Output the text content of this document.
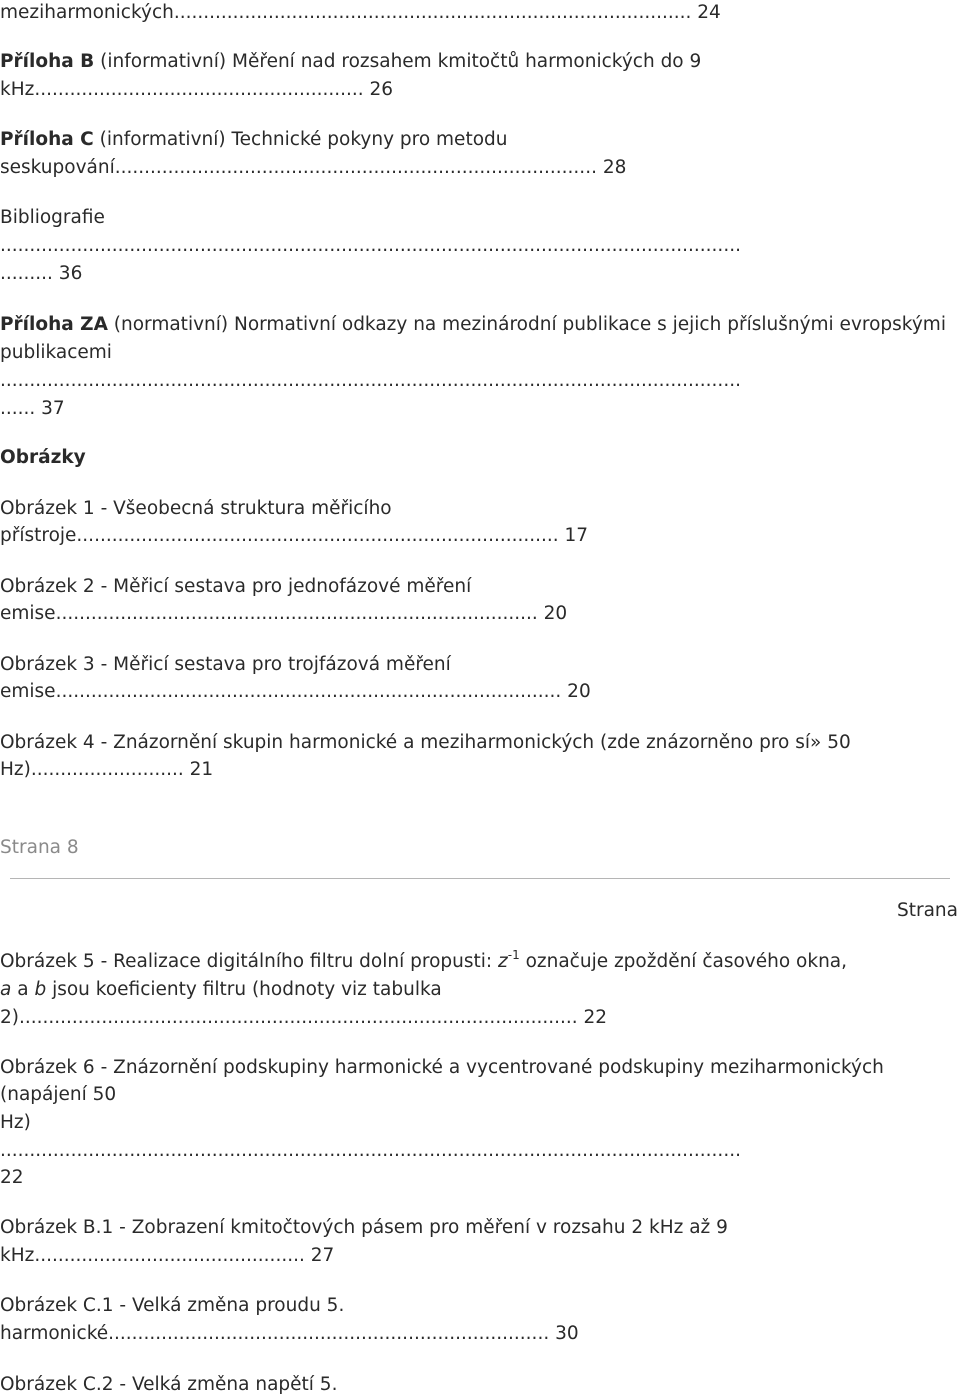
meziharmonických........................................................................................ 24
Příloha B (informativní) Měření nad rozsahem kmitočtů harmonických do 9
kHz........................................................ 26
Příloha C (informativní) Technické pokyny pro metodu
seskupování.................................................................................. 28
Bibliografie
..............................................................................................................................
......... 36
Příloha ZA (normativní) Normativní odkazy na mezinárodní publikace s jejich příslušnými evropskými
publikacemi
..............................................................................................................................
...... 37
Obrázky
Obrázek 1 - Všeobecná struktura měřicího
přístroje.................................................................................. 17
Obrázek 2 - Měřicí sestava pro jednofázové měření
emise.................................................................................. 20
Obrázek 3 - Měřicí sestava pro trojfázová měření
emise...................................................................................... 20
Obrázek 4 - Znázornění skupin harmonické a meziharmonických (zde znázorněno pro sí» 50
Hz).......................... 21
Strana 8
Strana
Obrázek 5 - Realizace digitálního filtru dolní propusti: $z^{-1}$ označuje zpoždění časového okna,
a a b jsou koeficienty filtru (hodnoty viz tabulka
2)............................................................................................... 22
Obrázek 6 - Znázornění podskupiny harmonické a vycentrované podskupiny meziharmonických
(napájení 50
Hz)
..............................................................................................................................
22
Obrázek B.1 - Zobrazení kmitočtových pásem pro měření v rozsahu 2 kHz až 9
kHz.............................................. 27
Obrázek C.1 - Velká změna proudu 5.
harmonické........................................................................... 30
Obrázek C.2 - Velká změna napětí 5.
